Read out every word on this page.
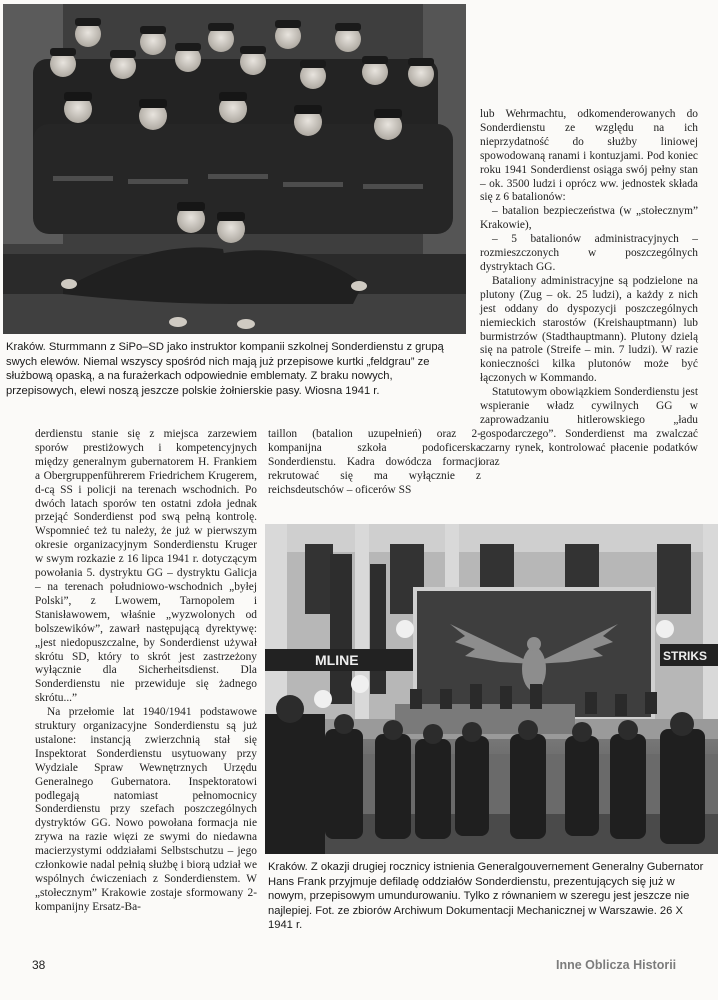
Kraków. Sturmmann z SiPo–SD jako instruktor kompanii szkolnej Sonderdienstu z grupą swych elewów. Niemal wszyscy spośród nich mają już przepisowe kurtki „feldgrau” ze służbową opaską, a na furażerkach odpowiednie emblematy. Z braku nowych, przepisowych, elewi noszą jeszcze polskie żołnierskie pasy. Wiosna 1941 r.

lub Wehrmachtu, odkomenderowanych do Sonderdienstu ze względu na ich nieprzydatność do służby liniowej spowodowaną ranami i kontuzjami. Pod koniec roku 1941 Sonderdienst osiąga swój pełny stan – ok. 3500 ludzi i oprócz ww. jednostek składa się z 6 batalionów:

– batalion bezpieczeństwa (w „stołecznym” Krakowie),

– 5 batalionów administracyjnych – rozmieszczonych w poszczególnych dystryktach GG.

Bataliony administracyjne są podzielone na plutony (Zug – ok. 25 ludzi), a każdy z nich jest oddany do dyspozycji poszczególnych niemieckich starostów (Kreishauptmann) lub burmistrzów (Stadthauptmann). Plutony dzielą się na patrole (Streife – min. 7 ludzi). W razie konieczności kilka plutonów może być łączonych w Kommando.

Statutowym obowiązkiem Sonderdienstu jest wspieranie władz cywilnych GG w zaprowadzaniu hitlerowskiego „ładu gospodarczego”. Sonderdienst ma zwalczać czarny rynek, kontrolować płacenie podatków oraz

derdienstu stanie się z miejsca zarzewiem sporów prestiżowych i kompetencyjnych między generalnym gubernatorem H. Frankiem a Obergruppenführerem Friedrichem Krugerem, d-cą SS i policji na terenach wschodnich. Po dwóch latach sporów ten ostatni zdoła jednak przejąć Sonderdienst pod swą pełną kontrolę. Wspomnieć też tu należy, że już w pierwszym okresie organizacyjnym Sonderdienstu Kruger w swym rozkazie z 16 lipca 1941 r. dotyczącym powołania 5. dystryktu GG – dystryktu Galicja – na terenach południowo-wschodnich „byłej Polski”, z Lwowem, Tarnopolem i Stanisławowem, właśnie „wyzwolonych od bolszewików”, zawarł następującą dyrektywę: „jest niedopuszczalne, by Sonderdienst używał skrótu SD, który to skrót jest zastrzeżony wyłącznie dla Sicherheitsdienst. Dla Sonderdienstu nie przewiduje się żadnego skrótu...”

Na przełomie lat 1940/1941 podstawowe struktury organizacyjne Sonderdienstu są już ustalone: instancją zwierzchnią stał się Inspektorat Sonderdienstu usytuowany przy Wydziale Spraw Wewnętrznych Urzędu Generalnego Gubernatora. Inspektoratowi podlegają natomiast pełnomocnicy Sonderdienstu przy szefach poszczególnych dystryktów GG. Nowo powołana formacja nie zrywa na razie więzi ze swymi do niedawna macierzystymi oddziałami Selbstschutzu – jego członkowie nadal pełnią służbę i biorą udział we wspólnych ćwiczeniach z Sonderdienstem. W „stołecznym” Krakowie zostaje sformowany 2-kompanijny Ersatz-Ba-

taillon (batalion uzupełnień) oraz 2-kompanijna szkoła podoficerska Sonderdienstu. Kadra dowódcza formacji rekrutować się ma wyłącznie z reichsdeutschów – oficerów SS

MLINE	STRIKS
Kraków. Z okazji drugiej rocznicy istnienia Generalgouvernement Generalny Gubernator Hans Frank przyjmuje defiladę oddziałów Sonderdienstu, prezentujących się już w nowym, przepisowym umundurowaniu. Tylko z równaniem w szeregu jest jeszcze nie najlepiej. Fot. ze zbiorów Archiwum Dokumentacji Mechanicznej w Warszawie. 26 X 1941 r.
38	Inne Oblicza Historii
